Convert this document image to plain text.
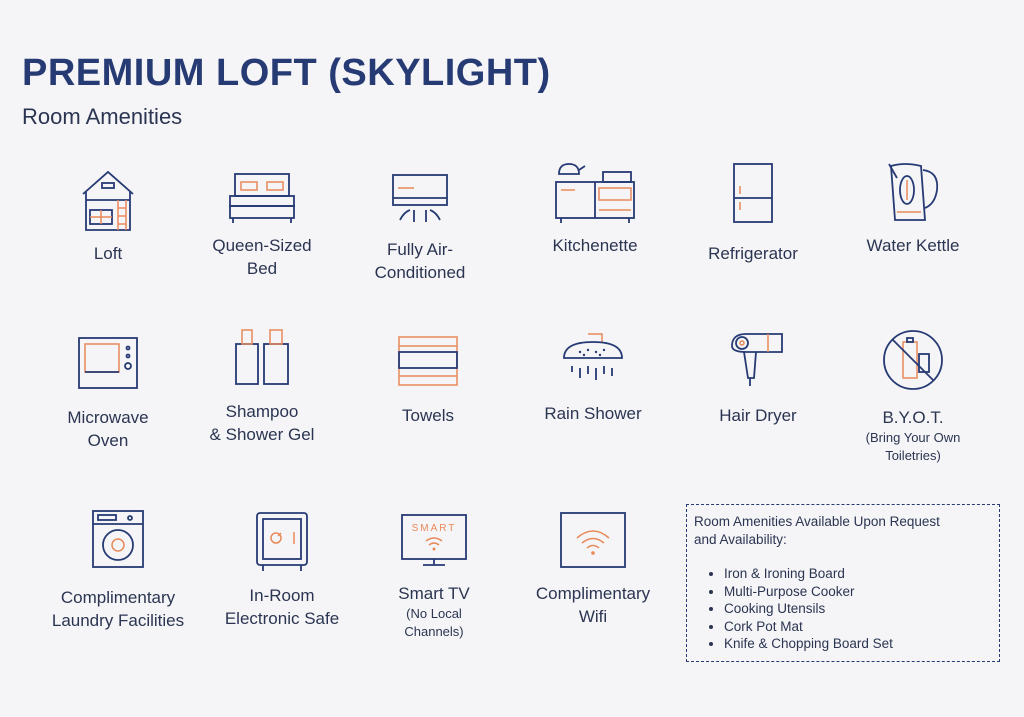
PREMIUM LOFT (SKYLIGHT)
Room Amenities
Loft	Queen-Sized
Bed
Fully Air-
Conditioned
Kitchenette	Refrigerator	Water Kettle
Microwave
Oven
Shampoo
& Shower Gel
Towels	Rain Shower	Hair Dryer	B.Y.O.T.
(Bring Your Own
Toiletries)
Complimentary
Laundry Facilities
In-Room
Electronic Safe
SMART
Smart TV
(No Local
Channels)
Complimentary
Wifi
Room Amenities Available Upon Request
and Availability:
• Iron & Ironing Board
• Multi-Purpose Cooker
• Cooking Utensils
• Cork Pot Mat
• Knife & Chopping Board Set
